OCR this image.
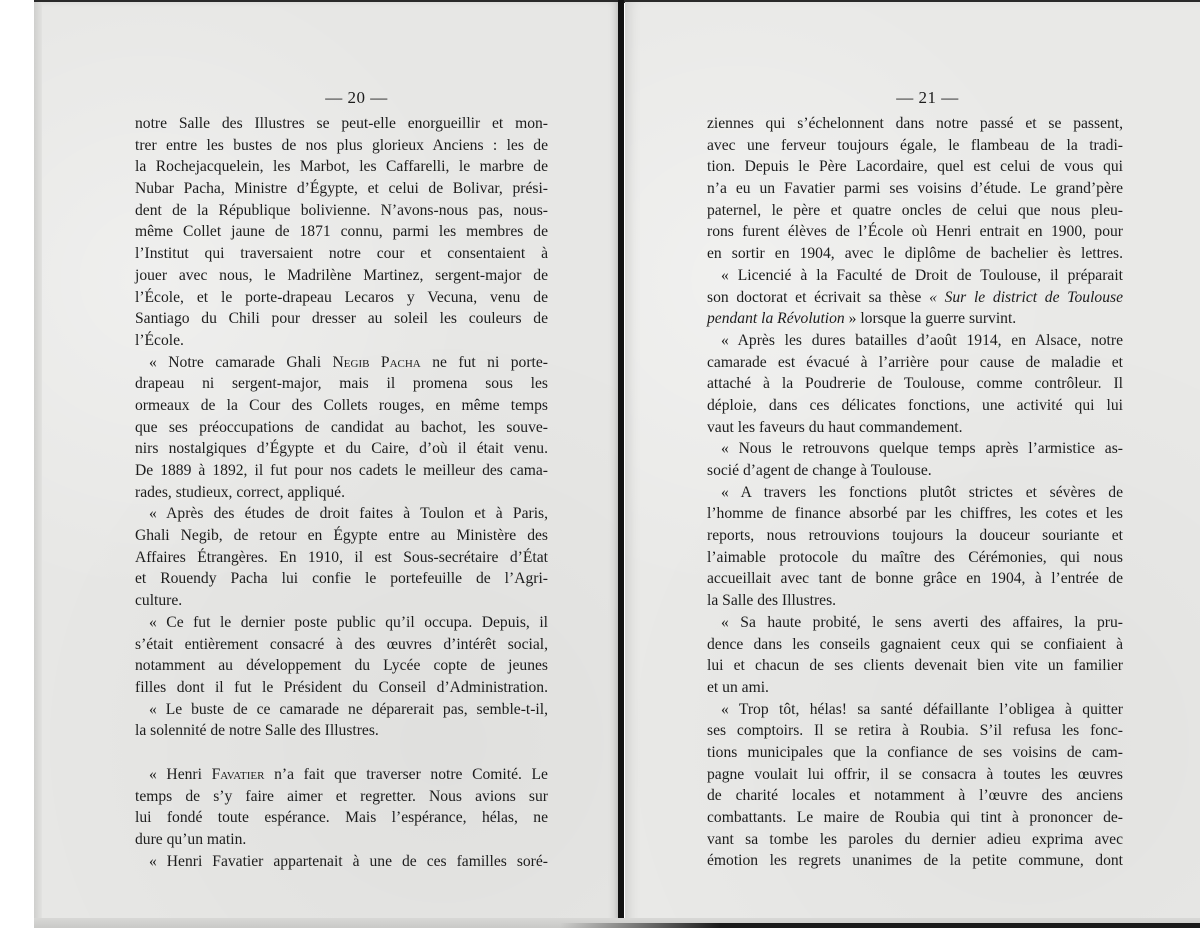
— 20 —
notre Salle des Illustres se peut-elle enorgueillir et mon-
trer entre les bustes de nos plus glorieux Anciens : les de
la Rochejacquelein, les Marbot, les Caffarelli, le marbre de
Nubar Pacha, Ministre d’Égypte, et celui de Bolivar, prési-
dent de la République bolivienne. N’avons-nous pas, nous-
même Collet jaune de 1871 connu, parmi les membres de
l’Institut qui traversaient notre cour et consentaient à
jouer avec nous, le Madrilène Martinez, sergent-major de
l’École, et le porte-drapeau Lecaros y Vecuna, venu de
Santiago du Chili pour dresser au soleil les couleurs de
l’École.
« Notre camarade Ghali Negib Pacha ne fut ni porte-
drapeau ni sergent-major, mais il promena sous les
ormeaux de la Cour des Collets rouges, en même temps
que ses préoccupations de candidat au bachot, les souve-
nirs nostalgiques d’Égypte et du Caire, d’où il était venu.
De 1889 à 1892, il fut pour nos cadets le meilleur des cama-
rades, studieux, correct, appliqué.
« Après des études de droit faites à Toulon et à Paris,
Ghali Negib, de retour en Égypte entre au Ministère des
Affaires Étrangères. En 1910, il est Sous-secrétaire d’État
et Rouendy Pacha lui confie le portefeuille de l’Agri-
culture.
« Ce fut le dernier poste public qu’il occupa. Depuis, il
s’était entièrement consacré à des œuvres d’intérêt social,
notamment au développement du Lycée copte de jeunes
filles dont il fut le Président du Conseil d’Administration.
« Le buste de ce camarade ne déparerait pas, semble-t-il,
la solennité de notre Salle des Illustres.
« Henri Favatier n’a fait que traverser notre Comité. Le
temps de s’y faire aimer et regretter. Nous avions sur
lui fondé toute espérance. Mais l’espérance, hélas, ne
dure qu’un matin.
« Henri Favatier appartenait à une de ces familles soré-
— 21 —
ziennes qui s’échelonnent dans notre passé et se passent,
avec une ferveur toujours égale, le flambeau de la tradi-
tion. Depuis le Père Lacordaire, quel est celui de vous qui
n’a eu un Favatier parmi ses voisins d’étude. Le grand’père
paternel, le père et quatre oncles de celui que nous pleu-
rons furent élèves de l’École où Henri entrait en 1900, pour
en sortir en 1904, avec le diplôme de bachelier ès lettres.
« Licencié à la Faculté de Droit de Toulouse, il préparait
son doctorat et écrivait sa thèse « Sur le district de Toulouse
pendant la Révolution » lorsque la guerre survint.
« Après les dures batailles d’août 1914, en Alsace, notre
camarade est évacué à l’arrière pour cause de maladie et
attaché à la Poudrerie de Toulouse, comme contrôleur. Il
déploie, dans ces délicates fonctions, une activité qui lui
vaut les faveurs du haut commandement.
« Nous le retrouvons quelque temps après l’armistice as-
socié d’agent de change à Toulouse.
« A travers les fonctions plutôt strictes et sévères de
l’homme de finance absorbé par les chiffres, les cotes et les
reports, nous retrouvions toujours la douceur souriante et
l’aimable protocole du maître des Cérémonies, qui nous
accueillait avec tant de bonne grâce en 1904, à l’entrée de
la Salle des Illustres.
« Sa haute probité, le sens averti des affaires, la pru-
dence dans les conseils gagnaient ceux qui se confiaient à
lui et chacun de ses clients devenait bien vite un familier
et un ami.
« Trop tôt, hélas! sa santé défaillante l’obligea à quitter
ses comptoirs. Il se retira à Roubia. S’il refusa les fonc-
tions municipales que la confiance de ses voisins de cam-
pagne voulait lui offrir, il se consacra à toutes les œuvres
de charité locales et notamment à l’œuvre des anciens
combattants. Le maire de Roubia qui tint à prononcer de-
vant sa tombe les paroles du dernier adieu exprima avec
émotion les regrets unanimes de la petite commune, dont
